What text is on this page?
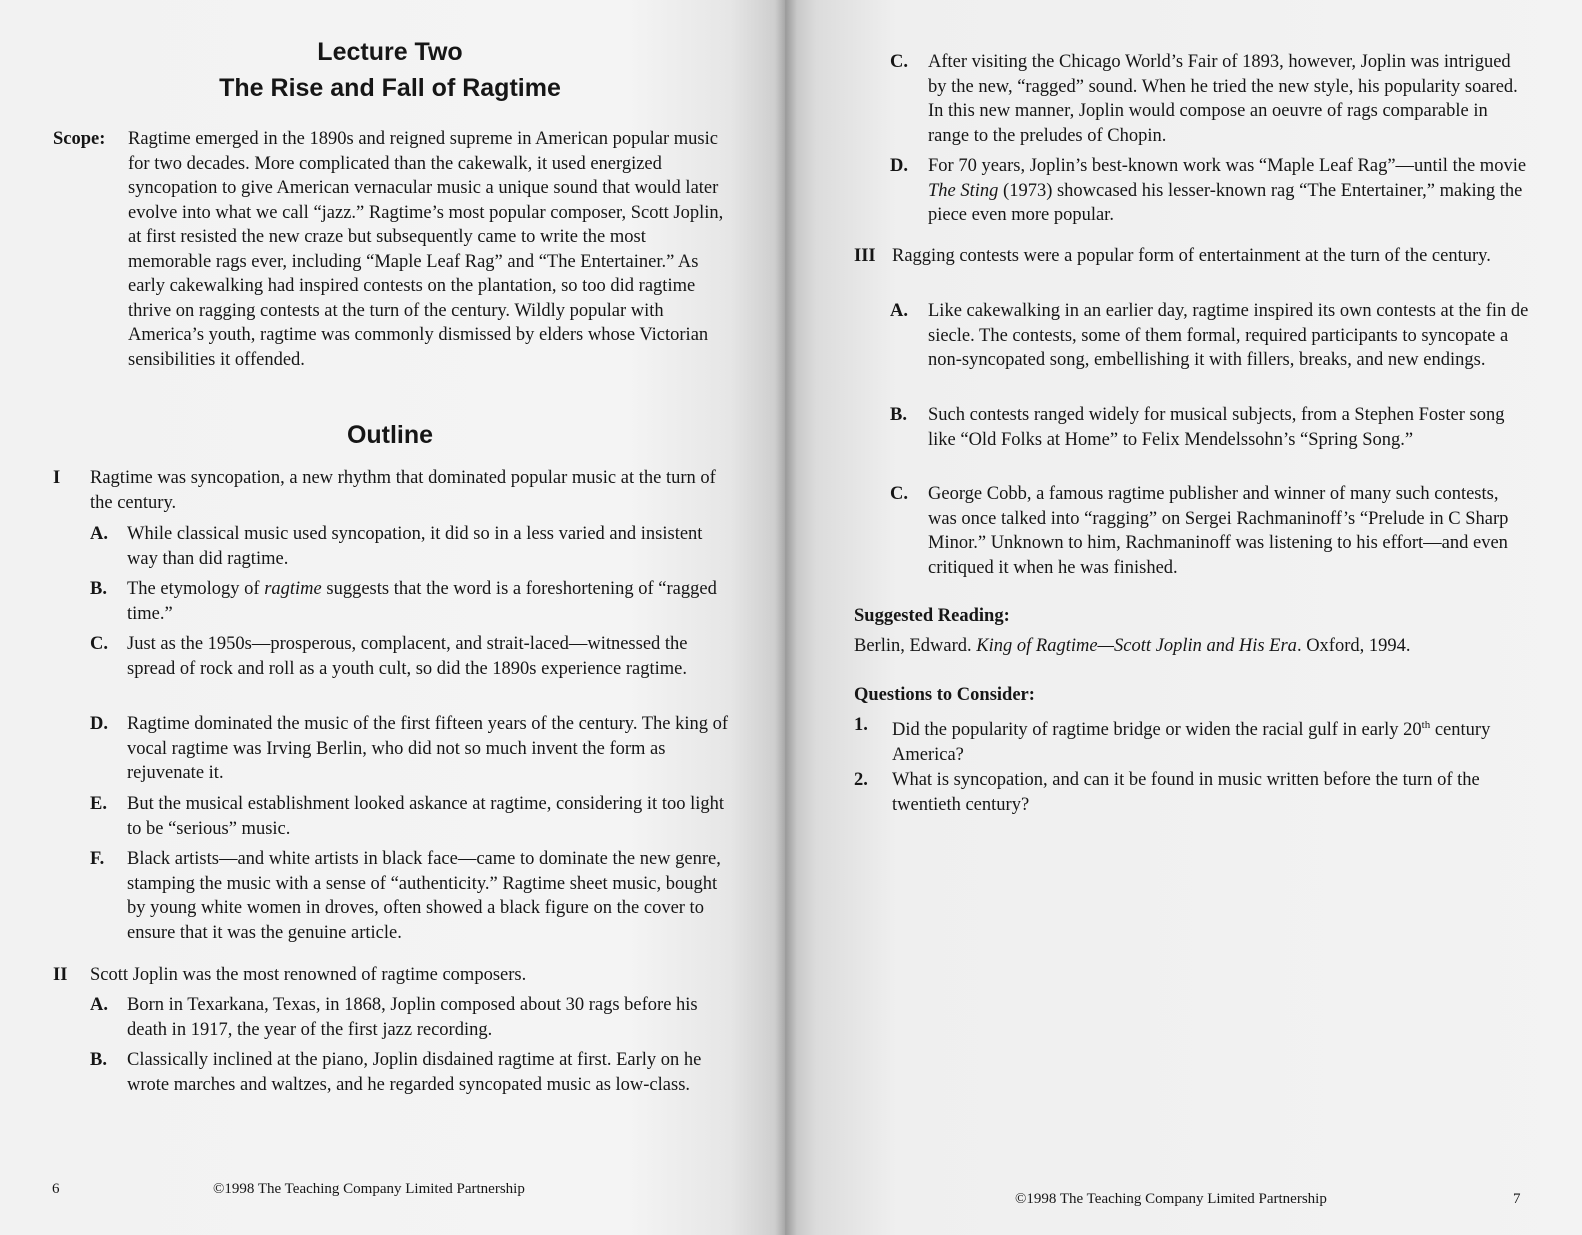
Lecture Two
The Rise and Fall of Ragtime
Scope: Ragtime emerged in the 1890s and reigned supreme in American popular music for two decades. More complicated than the cakewalk, it used energized syncopation to give American vernacular music a unique sound that would later evolve into what we call “jazz.” Ragtime’s most popular composer, Scott Joplin, at first resisted the new craze but subsequently came to write the most memorable rags ever, including “Maple Leaf Rag” and “The Entertainer.” As early cakewalking had inspired contests on the plantation, so too did ragtime thrive on ragging contests at the turn of the century. Wildly popular with America’s youth, ragtime was commonly dismissed by elders whose Victorian sensibilities it offended.
Outline
I Ragtime was syncopation, a new rhythm that dominated popular music at the turn of the century.
A. While classical music used syncopation, it did so in a less varied and insistent way than did ragtime.
B. The etymology of ragtime suggests that the word is a foreshortening of “ragged time.”
C. Just as the 1950s—prosperous, complacent, and strait-laced—witnessed the spread of rock and roll as a youth cult, so did the 1890s experience ragtime.
D. Ragtime dominated the music of the first fifteen years of the century. The king of vocal ragtime was Irving Berlin, who did not so much invent the form as rejuvenate it.
E. But the musical establishment looked askance at ragtime, considering it too light to be “serious” music.
F. Black artists—and white artists in black face—came to dominate the new genre, stamping the music with a sense of “authenticity.” Ragtime sheet music, bought by young white women in droves, often showed a black figure on the cover to ensure that it was the genuine article.
II Scott Joplin was the most renowned of ragtime composers.
A. Born in Texarkana, Texas, in 1868, Joplin composed about 30 rags before his death in 1917, the year of the first jazz recording.
B. Classically inclined at the piano, Joplin disdained ragtime at first. Early on he wrote marches and waltzes, and he regarded syncopated music as low-class.
6	©1998 The Teaching Company Limited Partnership
C. After visiting the Chicago World’s Fair of 1893, however, Joplin was intrigued by the new, “ragged” sound. When he tried the new style, his popularity soared. In this new manner, Joplin would compose an oeuvre of rags comparable in range to the preludes of Chopin.
D. For 70 years, Joplin’s best-known work was “Maple Leaf Rag”—until the movie The Sting (1973) showcased his lesser-known rag “The Entertainer,” making the piece even more popular.
III Ragging contests were a popular form of entertainment at the turn of the century.
A. Like cakewalking in an earlier day, ragtime inspired its own contests at the fin de siecle. The contests, some of them formal, required participants to syncopate a non-syncopated song, embellishing it with fillers, breaks, and new endings.
B. Such contests ranged widely for musical subjects, from a Stephen Foster song like “Old Folks at Home” to Felix Mendelssohn’s “Spring Song.”
C. George Cobb, a famous ragtime publisher and winner of many such contests, was once talked into “ragging” on Sergei Rachmaninoff’s “Prelude in C Sharp Minor.” Unknown to him, Rachmaninoff was listening to his effort—and even critiqued it when he was finished.
Suggested Reading:
Berlin, Edward. King of Ragtime—Scott Joplin and His Era. Oxford, 1994.
Questions to Consider:
1. Did the popularity of ragtime bridge or widen the racial gulf in early 20th century America?
2. What is syncopation, and can it be found in music written before the turn of the twentieth century?
©1998 The Teaching Company Limited Partnership	7
